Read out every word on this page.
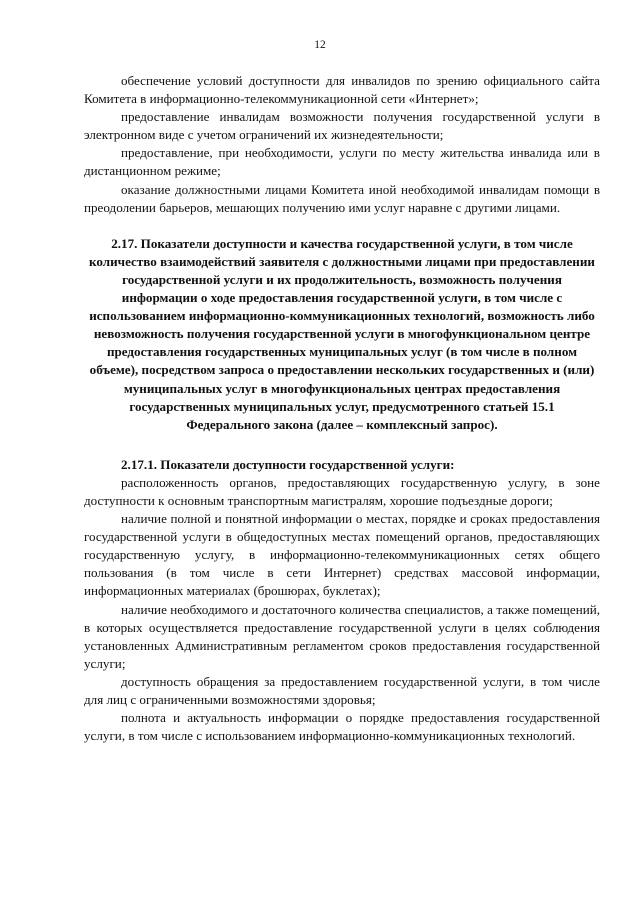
12

обеспечение условий доступности для инвалидов по зрению официального сайта Комитета в информационно-телекоммуникационной сети «Интернет»;

предоставление инвалидам возможности получения государственной услуги в электронном виде с учетом ограничений их жизнедеятельности;

предоставление, при необходимости, услуги по месту жительства инвалида или в дистанционном режиме;

оказание должностными лицами Комитета иной необходимой инвалидам помощи в преодолении барьеров, мешающих получению ими услуг наравне с другими лицами.

2.17. Показатели доступности и качества государственной услуги, в том числе количество взаимодействий заявителя с должностными лицами при предоставлении государственной услуги и их продолжительность, возможность получения информации о ходе предоставления государственной услуги, в том числе с использованием информационно-коммуникационных технологий, возможность либо невозможность получения государственной услуги в многофункциональном центре предоставления государственных муниципальных услуг (в том числе в полном объеме), посредством запроса о предоставлении нескольких государственных и (или) муниципальных услуг в многофункциональных центрах предоставления государственных муниципальных услуг, предусмотренного статьей 15.1 Федерального закона (далее – комплексный запрос).

2.17.1. Показатели доступности государственной услуги:

расположенность органов, предоставляющих государственную услугу, в зоне доступности к основным транспортным магистралям, хорошие подъездные дороги;

наличие полной и понятной информации о местах, порядке и сроках предоставления государственной услуги в общедоступных местах помещений органов, предоставляющих государственную услугу, в информационно-телекоммуникационных сетях общего пользования (в том числе в сети Интернет) средствах массовой информации, информационных материалах (брошюрах, буклетах);

наличие необходимого и достаточного количества специалистов, а также помещений, в которых осуществляется предоставление государственной услуги в целях соблюдения установленных Административным регламентом сроков предоставления государственной услуги;

доступность обращения за предоставлением государственной услуги, в том числе для лиц с ограниченными возможностями здоровья;

полнота и актуальность информации о порядке предоставления государственной услуги, в том числе с использованием информационно-коммуникационных технологий.
